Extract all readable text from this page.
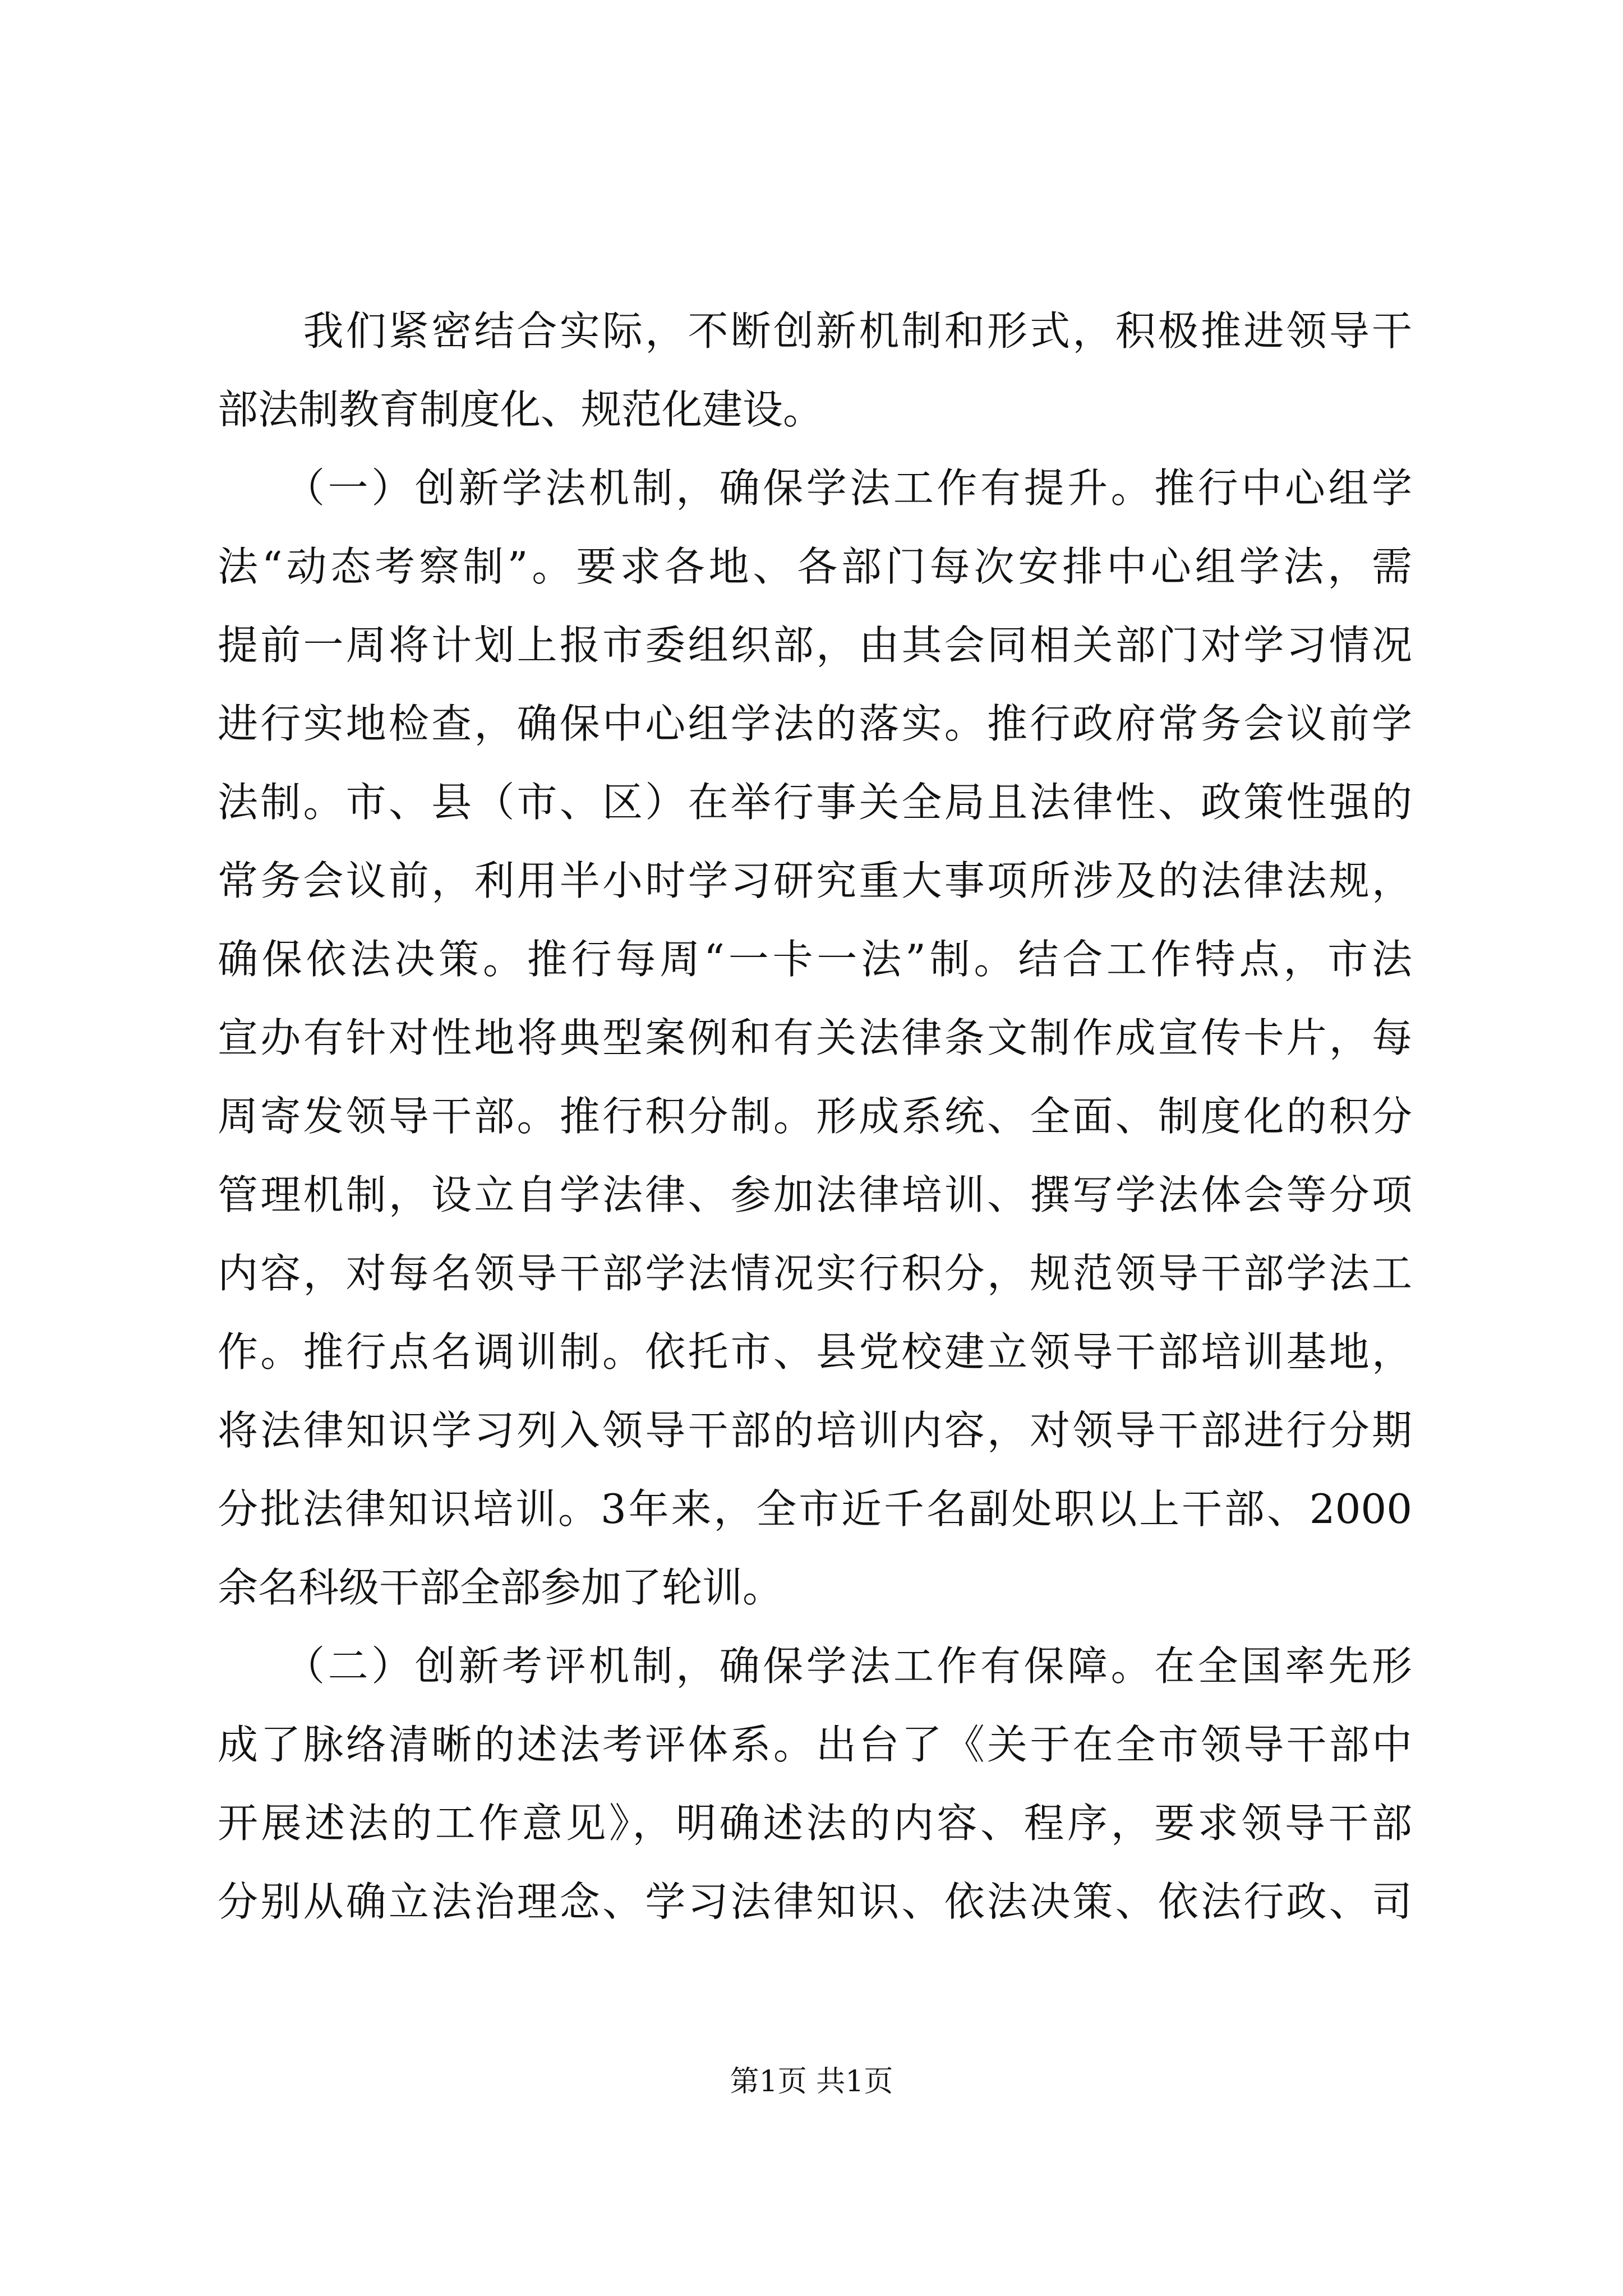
　　我们紧密结合实际，不断创新机制和形式，积极推进领导干
部法制教育制度化、规范化建设。
　　（一）创新学法机制，确保学法工作有提升。推行中心组学
法“动态考察制”。要求各地、各部门每次安排中心组学法，需
提前一周将计划上报市委组织部，由其会同相关部门对学习情况
进行实地检查，确保中心组学法的落实。推行政府常务会议前学
法制。市、县（市、区）在举行事关全局且法律性、政策性强的
常务会议前，利用半小时学习研究重大事项所涉及的法律法规，
确保依法决策。推行每周“一卡一法”制。结合工作特点，市法
宣办有针对性地将典型案例和有关法律条文制作成宣传卡片，每
周寄发领导干部。推行积分制。形成系统、全面、制度化的积分
管理机制，设立自学法律、参加法律培训、撰写学法体会等分项
内容，对每名领导干部学法情况实行积分，规范领导干部学法工
作。推行点名调训制。依托市、县党校建立领导干部培训基地，
将法律知识学习列入领导干部的培训内容，对领导干部进行分期
分批法律知识培训。3年来，全市近千名副处职以上干部、2000
余名科级干部全部参加了轮训。
　　（二）创新考评机制，确保学法工作有保障。在全国率先形
成了脉络清晰的述法考评体系。出台了《关于在全市领导干部中
开展述法的工作意见》，明确述法的内容、程序，要求领导干部
分别从确立法治理念、学习法律知识、依法决策、依法行政、司
第1页 共1页
